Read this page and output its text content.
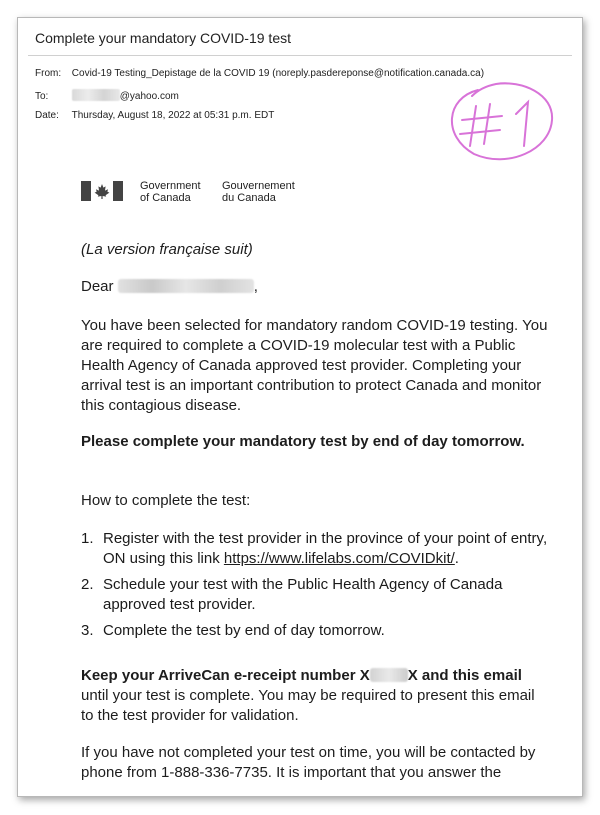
Complete your mandatory COVID-19 test
From: Covid-19 Testing_Depistage de la COVID 19 (noreply.pasdereponse@notification.canada.ca)
To:	@yahoo.com
Date: Thursday, August 18, 2022 at 05:31 p.m. EDT
Government
of Canada
Gouvernement
du Canada
(La version française suit)
Dear	,
You have been selected for mandatory random COVID-19 testing. You are required to complete a COVID-19 molecular test with a Public Health Agency of Canada approved test provider. Completing your arrival test is an important contribution to protect Canada and monitor this contagious disease.
Please complete your mandatory test by end of day tomorrow.
How to complete the test:
1. Register with the test provider in the province of your point of entry, ON using this link https://www.lifelabs.com/COVIDkit/.
2. Schedule your test with the Public Health Agency of Canada approved test provider.
3. Complete the test by end of day tomorrow.
Keep your ArriveCan e-receipt number X	X and this email until your test is complete. You may be required to present this email to the test provider for validation.
If you have not completed your test on time, you will be contacted by phone from 1-888-336-7735. It is important that you answer the
